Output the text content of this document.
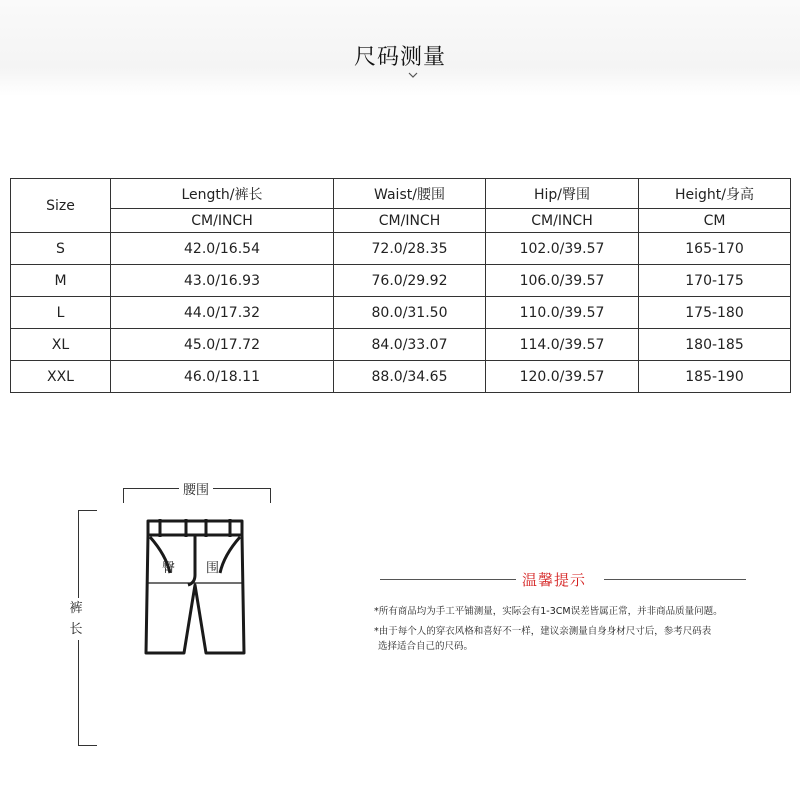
尺码测量
Size	Length/裤长	Waist/腰围	Hip/臀围	Height/身高
	CM/INCH	CM/INCH	CM/INCH	CM
S	42.0/16.54	72.0/28.35	102.0/39.57	165-170
M	43.0/16.93	76.0/29.92	106.0/39.57	170-175
L	44.0/17.32	80.0/31.50	110.0/39.57	175-180
XL	45.0/17.72	84.0/33.07	114.0/39.57	180-185
XXL	46.0/18.11	88.0/34.65	120.0/39.57	185-190
腰围
裤
长
臀 围
温馨提示
*所有商品均为手工平铺测量，实际会有1-3CM误差皆属正常，并非商品质量问题。
*由于每个人的穿衣风格和喜好不一样，建议亲测量自身身材尺寸后，参考尺码表
选择适合自己的尺码。
